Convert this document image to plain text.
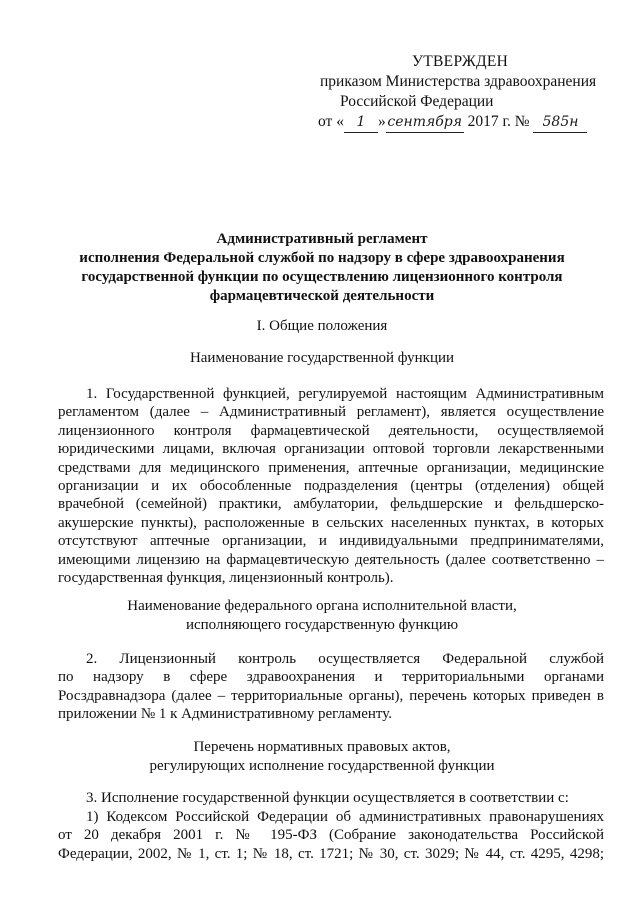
УТВЕРЖДЕН
приказом Министерства здравоохранения
Российской Федерации
от « 1 » сентября 2017 г. № 585н
Административный регламент
исполнения Федеральной службой по надзору в сфере здравоохранения
государственной функции по осуществлению лицензионного контроля
фармацевтической деятельности
I. Общие положения
Наименование государственной функции
1. Государственной функцией, регулируемой настоящим Административным
регламентом (далее – Административный регламент), является осуществление
лицензионного контроля фармацевтической деятельности, осуществляемой
юридическими лицами, включая организации оптовой торговли лекарственными
средствами для медицинского применения, аптечные организации, медицинские
организации и их обособленные подразделения (центры (отделения) общей
врачебной (семейной) практики, амбулатории, фельдшерские и фельдшерско-
акушерские пункты), расположенные в сельских населенных пунктах, в которых
отсутствуют аптечные организации, и индивидуальными предпринимателями,
имеющими лицензию на фармацевтическую деятельность (далее соответственно –
государственная функция, лицензионный контроль).
Наименование федерального органа исполнительной власти,
исполняющего государственную функцию
2. Лицензионный контроль осуществляется Федеральной службой
по надзору в сфере здравоохранения и территориальными органами
Росздравнадзора (далее – территориальные органы), перечень которых приведен в
приложении № 1 к Административному регламенту.
Перечень нормативных правовых актов,
регулирующих исполнение государственной функции
3. Исполнение государственной функции осуществляется в соответствии с:
1) Кодексом Российской Федерации об административных правонарушениях
от 20 декабря 2001 г. № 195-ФЗ (Собрание законодательства Российской
Федерации, 2002, № 1, ст. 1; № 18, ст. 1721; № 30, ст. 3029; № 44, ст. 4295, 4298;
